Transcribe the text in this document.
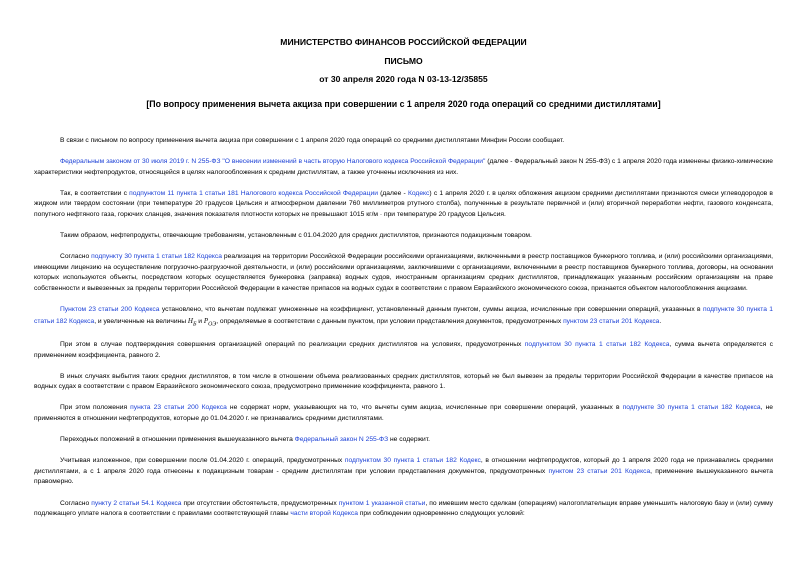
МИНИСТЕРСТВО ФИНАНСОВ РОССИЙСКОЙ ФЕДЕРАЦИИ
ПИСЬМО
от 30 апреля 2020 года N 03-13-12/35855
[По вопросу применения вычета акциза при совершении с 1 апреля 2020 года операций со средними дистиллятами]

В связи с письмом по вопросу применения вычета акциза при совершении с 1 апреля 2020 года операций со средними дистиллятами Минфин России сообщает.

Федеральным законом от 30 июля 2019 г. N 255-ФЗ "О внесении изменений в часть вторую Налогового кодекса Российской Федерации" (далее - Федеральный закон N 255-ФЗ) с 1 апреля 2020 года изменены физико-химические характеристики нефтепродуктов, относящейся в целях налогообложения к средним дистиллятам, а также уточнены исключения из них.

Так, в соответствии с подпунктом 11 пункта 1 статьи 181 Налогового кодекса Российской Федерации (далее - Кодекс) с 1 апреля 2020 г. в целях обложения акцизом средними дистиллятами признаются смеси углеводородов в жидком или твердом состоянии (при температуре 20 градусов Цельсия и атмосферном давлении 760 миллиметров ртутного столба), полученные в результате первичной и (или) вторичной переработки нефти, газового конденсата, попутного нефтяного газа, горючих сланцев, значения показателя плотности которых не превышают 1015 кг/м · при температуре 20 градусов Цельсия.

Таким образом, нефтепродукты, отвечающие требованиям, установленным с 01.04.2020 для средних дистиллятов, признаются подакцизным товаром.

Согласно подпункту 30 пункта 1 статьи 182 Кодекса реализация на территории Российской Федерации российскими организациями, включенными в реестр поставщиков бункерного топлива, и (или) российскими организациями, имеющими лицензию на осуществление погрузочно-разгрузочной деятельности, и (или) российскими организациями, заключившими с организациями, включенными в реестр поставщиков бункерного топлива, договоры, на основании которых используются объекты, посредством которых осуществляется бункеровка (заправка) водных судов, иностранным организациям средних дистиллятов, принадлежащих указанным российским организациям на праве собственности и вывезенных за пределы территории Российской Федерации в качестве припасов на водных судах в соответствии с правом Евразийского экономического союза, признается объектом налогообложения акцизами.

Пунктом 23 статьи 200 Кодекса установлено, что вычетам подлежат умноженные на коэффициент, установленный данным пунктом, суммы акциза, исчисленные при совершении операций, указанных в подпункте 30 пункта 1 статьи 182 Кодекса, и увеличенные на величины $Н_Б$ и $Р_{ОЭ}$, определяемые в соответствии с данным пунктом, при условии представления документов, предусмотренных пунктом 23 статьи 201 Кодекса.

При этом в случае подтверждения совершения организацией операций по реализации средних дистиллятов на условиях, предусмотренных подпунктом 30 пункта 1 статьи 182 Кодекса, сумма вычета определяется с применением коэффициента, равного 2.

В иных случаях выбытия таких средних дистиллятов, в том числе в отношении объема реализованных средних дистиллятов, который не был вывезен за пределы территории Российской Федерации в качестве припасов на водных судах в соответствии с правом Евразийского экономического союза, предусмотрено применение коэффициента, равного 1.

При этом положения пункта 23 статьи 200 Кодекса не содержат норм, указывающих на то, что вычеты сумм акциза, исчисленные при совершении операций, указанных в подпункте 30 пункта 1 статьи 182 Кодекса, не применяются в отношении нефтепродуктов, которые до 01.04.2020 г. не признавались средними дистиллятами.

Переходных положений в отношении применения вышеуказанного вычета Федеральный закон N 255-ФЗ не содержит.

Учитывая изложенное, при совершении после 01.04.2020 г. операций, предусмотренных подпунктом 30 пункта 1 статьи 182 Кодекс, в отношении нефтепродуктов, который до 1 апреля 2020 года не признавались средними дистиллятами, а с 1 апреля 2020 года отнесены к подакцизным товарам - средним дистиллятам при условии представления документов, предусмотренных пунктом 23 статьи 201 Кодекса, применение вышеуказанного вычета правомерно.

Согласно пункту 2 статьи 54.1 Кодекса при отсутствии обстоятельств, предусмотренных пунктом 1 указанной статьи, по имевшим место сделкам (операциям) налогоплательщик вправе уменьшить налоговую базу и (или) сумму подлежащего уплате налога в соответствии с правилами соответствующей главы части второй Кодекса при соблюдении одновременно следующих условий:
